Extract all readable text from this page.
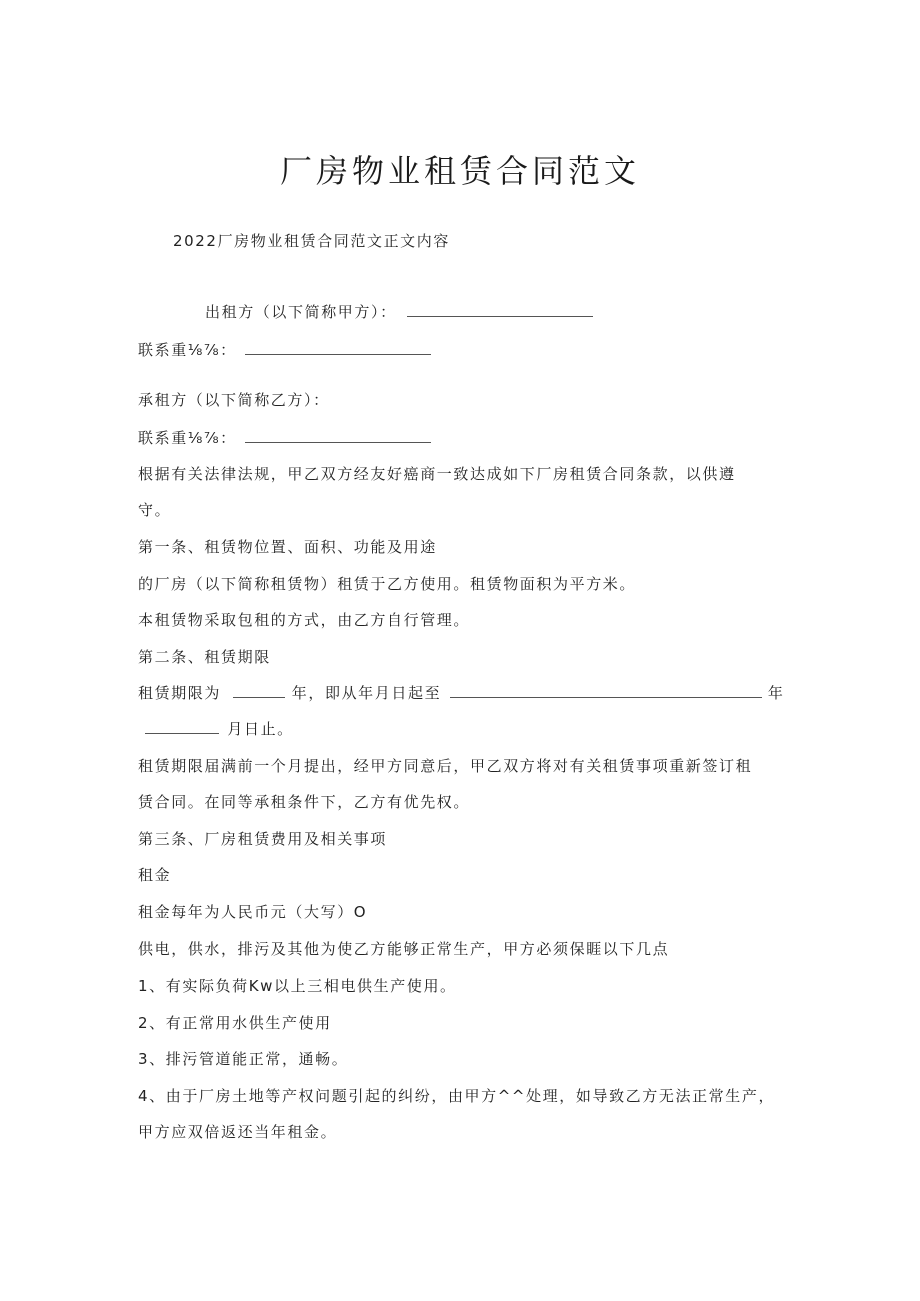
厂房物业租赁合同范文
2022厂房物业租赁合同范文正文内容
出租方（以下简称甲方）：
联系重⅛⅞：
承租方（以下简称乙方）：
联系重⅛⅞：
根据有关法律法规，甲乙双方经友好癌商一致达成如下厂房租赁合同条款，以供遵
守。
第一条、租赁物位置、面积、功能及用途
的厂房（以下简称租赁物）租赁于乙方使用。租赁物面积为平方米。
本租赁物采取包租的方式，由乙方自行管理。
第二条、租赁期限
租赁期限为	年，即从年月日起至	年
月日止。
租赁期限届满前一个月提出，经甲方同意后，甲乙双方将对有关租赁事项重新签订租
赁合同。在同等承租条件下，乙方有优先权。
第三条、厂房租赁费用及相关事项
租金
租金每年为人民币元（大写）O
供电，供水，排污及其他为使乙方能够正常生产，甲方必须保睚以下几点
1、有实际负荷Kw以上三相电供生产使用。
2、有正常用水供生产使用
3、排污管道能正常，通畅。
4、由于厂房土地等产权问题引起的纠纷，由甲方^^处理，如导致乙方无法正常生产，
甲方应双倍返还当年租金。
